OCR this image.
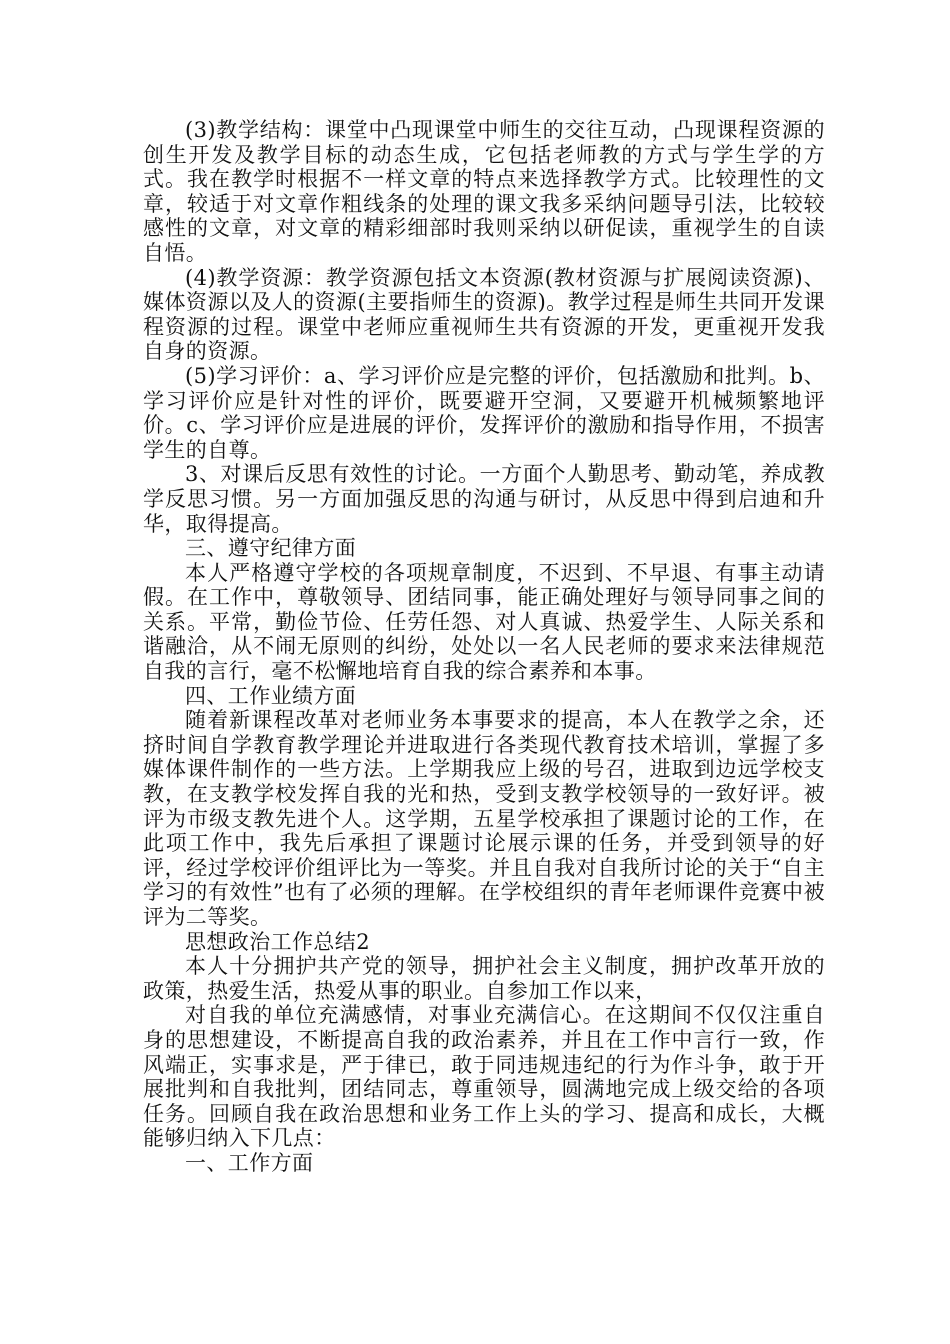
(3)教学结构：课堂中凸现课堂中师生的交往互动，凸现课程资源的创生开发及教学目标的动态生成，它包括老师教的方式与学生学的方式。我在教学时根据不一样文章的特点来选择教学方式。比较理性的文章，较适于对文章作粗线条的处理的课文我多采纳问题导引法，比较较感性的文章，对文章的精彩细部时我则采纳以研促读，重视学生的自读自悟。

(4)教学资源：教学资源包括文本资源(教材资源与扩展阅读资源)、媒体资源以及人的资源(主要指师生的资源)。教学过程是师生共同开发课程资源的过程。课堂中老师应重视师生共有资源的开发，更重视开发我自身的资源。

(5)学习评价：a、学习评价应是完整的评价，包括激励和批判。b、学习评价应是针对性的评价，既要避开空洞，又要避开机械频繁地评价。c、学习评价应是进展的评价，发挥评价的激励和指导作用，不损害学生的自尊。

3、对课后反思有效性的讨论。一方面个人勤思考、勤动笔，养成教学反思习惯。另一方面加强反思的沟通与研讨，从反思中得到启迪和升华，取得提高。

三、遵守纪律方面

本人严格遵守学校的各项规章制度，不迟到、不早退、有事主动请假。在工作中，尊敬领导、团结同事，能正确处理好与领导同事之间的关系。平常，勤俭节俭、任劳任怨、对人真诚、热爱学生、人际关系和谐融洽，从不闹无原则的纠纷，处处以一名人民老师的要求来法律规范自我的言行，毫不松懈地培育自我的综合素养和本事。

四、工作业绩方面

随着新课程改革对老师业务本事要求的提高，本人在教学之余，还挤时间自学教育教学理论并进取进行各类现代教育技术培训，掌握了多媒体课件制作的一些方法。上学期我应上级的号召，进取到边远学校支教，在支教学校发挥自我的光和热，受到支教学校领导的一致好评。被评为市级支教先进个人。这学期，五星学校承担了课题讨论的工作，在此项工作中，我先后承担了课题讨论展示课的任务，并受到领导的好评，经过学校评价组评比为一等奖。并且自我对自我所讨论的关于“自主学习的有效性”也有了必须的理解。在学校组织的青年老师课件竞赛中被评为二等奖。

思想政治工作总结2

本人十分拥护共产党的领导，拥护社会主义制度，拥护改革开放的政策，热爱生活，热爱从事的职业。自参加工作以来，

对自我的单位充满感情，对事业充满信心。在这期间不仅仅注重自身的思想建设，不断提高自我的政治素养，并且在工作中言行一致，作风端正，实事求是，严于律已，敢于同违规违纪的行为作斗争，敢于开展批判和自我批判，团结同志，尊重领导，圆满地完成上级交给的各项任务。回顾自我在政治思想和业务工作上头的学习、提高和成长，大概能够归纳入下几点：

一、工作方面
